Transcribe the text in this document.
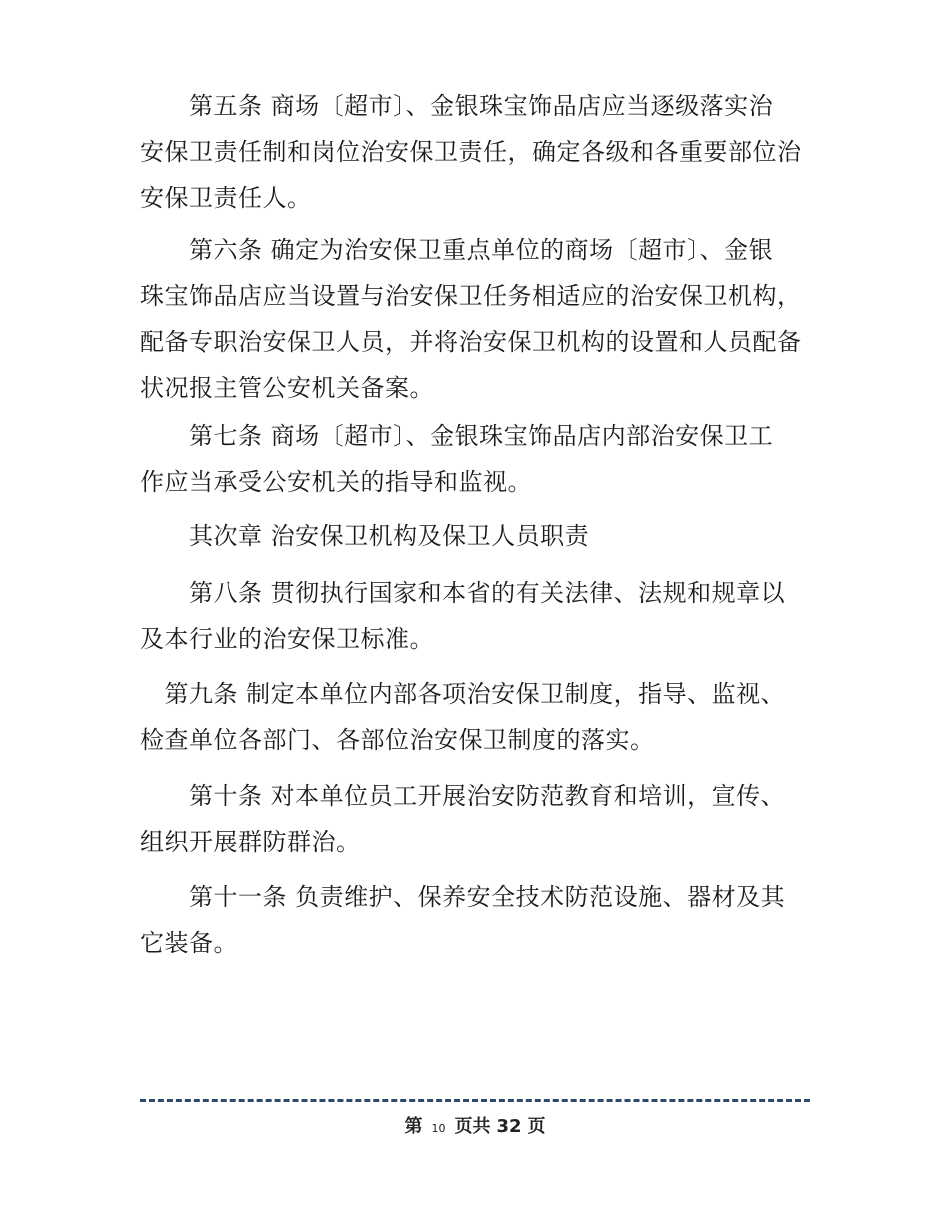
　　第五条 商场〔超市〕、金银珠宝饰品店应当逐级落实治
安保卫责任制和岗位治安保卫责任，确定各级和各重要部位治
安保卫责任人。
　　第六条 确定为治安保卫重点单位的商场〔超市〕、金银
珠宝饰品店应当设置与治安保卫任务相适应的治安保卫机构，
配备专职治安保卫人员，并将治安保卫机构的设置和人员配备
状况报主管公安机关备案。
　　第七条 商场〔超市〕、金银珠宝饰品店内部治安保卫工
作应当承受公安机关的指导和监视。
　　其次章 治安保卫机构及保卫人员职责
　　第八条 贯彻执行国家和本省的有关法律、法规和规章以
及本行业的治安保卫标准。
　第九条 制定本单位内部各项治安保卫制度，指导、监视、
检查单位各部门、各部位治安保卫制度的落实。
　　第十条 对本单位员工开展治安防范教育和培训，宣传、
组织开展群防群治。
　　第十一条 负责维护、保养安全技术防范设施、器材及其
它装备。
第 10 页共 32 页
